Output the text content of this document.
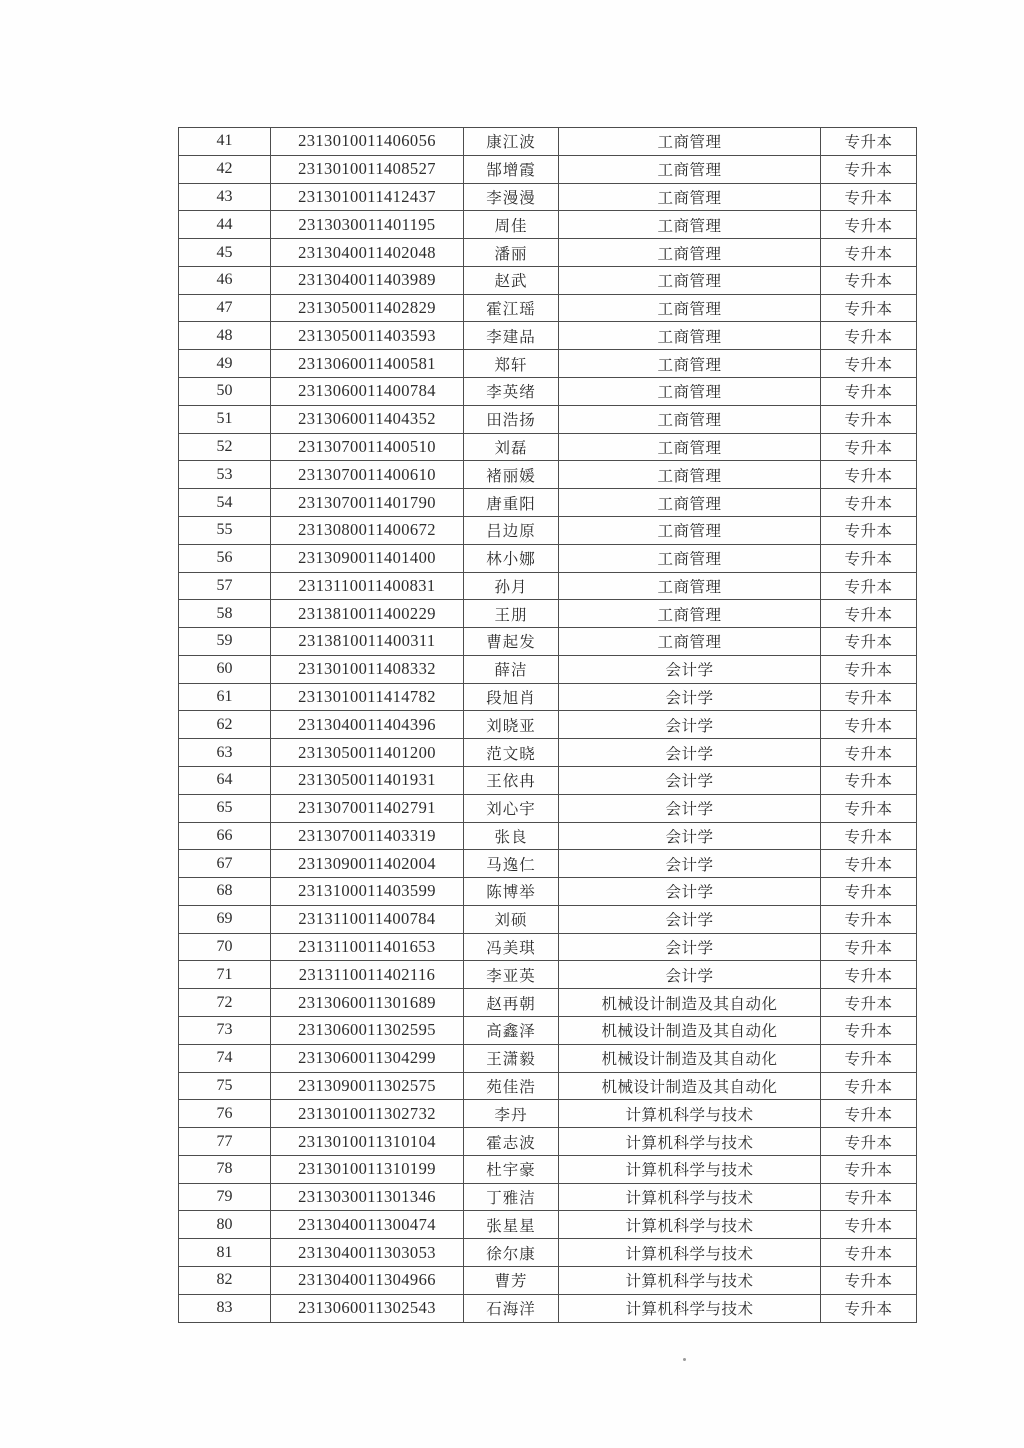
41	2313010011406056	康江波	工商管理	专升本
42	2313010011408527	郜增霞	工商管理	专升本
43	2313010011412437	李漫漫	工商管理	专升本
44	2313030011401195	周佳	工商管理	专升本
45	2313040011402048	潘丽	工商管理	专升本
46	2313040011403989	赵武	工商管理	专升本
47	2313050011402829	霍江瑶	工商管理	专升本
48	2313050011403593	李建品	工商管理	专升本
49	2313060011400581	郑轩	工商管理	专升本
50	2313060011400784	李英绪	工商管理	专升本
51	2313060011404352	田浩扬	工商管理	专升本
52	2313070011400510	刘磊	工商管理	专升本
53	2313070011400610	褚丽媛	工商管理	专升本
54	2313070011401790	唐重阳	工商管理	专升本
55	2313080011400672	吕边原	工商管理	专升本
56	2313090011401400	林小娜	工商管理	专升本
57	2313110011400831	孙月	工商管理	专升本
58	2313810011400229	王朋	工商管理	专升本
59	2313810011400311	曹起发	工商管理	专升本
60	2313010011408332	薛洁	会计学	专升本
61	2313010011414782	段旭肖	会计学	专升本
62	2313040011404396	刘晓亚	会计学	专升本
63	2313050011401200	范文晓	会计学	专升本
64	2313050011401931	王依冉	会计学	专升本
65	2313070011402791	刘心宇	会计学	专升本
66	2313070011403319	张良	会计学	专升本
67	2313090011402004	马逸仁	会计学	专升本
68	2313100011403599	陈博举	会计学	专升本
69	2313110011400784	刘硕	会计学	专升本
70	2313110011401653	冯美琪	会计学	专升本
71	2313110011402116	李亚英	会计学	专升本
72	2313060011301689	赵再朝	机械设计制造及其自动化	专升本
73	2313060011302595	高鑫泽	机械设计制造及其自动化	专升本
74	2313060011304299	王潇毅	机械设计制造及其自动化	专升本
75	2313090011302575	苑佳浩	机械设计制造及其自动化	专升本
76	2313010011302732	李丹	计算机科学与技术	专升本
77	2313010011310104	霍志波	计算机科学与技术	专升本
78	2313010011310199	杜宇豪	计算机科学与技术	专升本
79	2313030011301346	丁雅洁	计算机科学与技术	专升本
80	2313040011300474	张星星	计算机科学与技术	专升本
81	2313040011303053	徐尔康	计算机科学与技术	专升本
82	2313040011304966	曹芳	计算机科学与技术	专升本
83	2313060011302543	石海洋	计算机科学与技术	专升本
